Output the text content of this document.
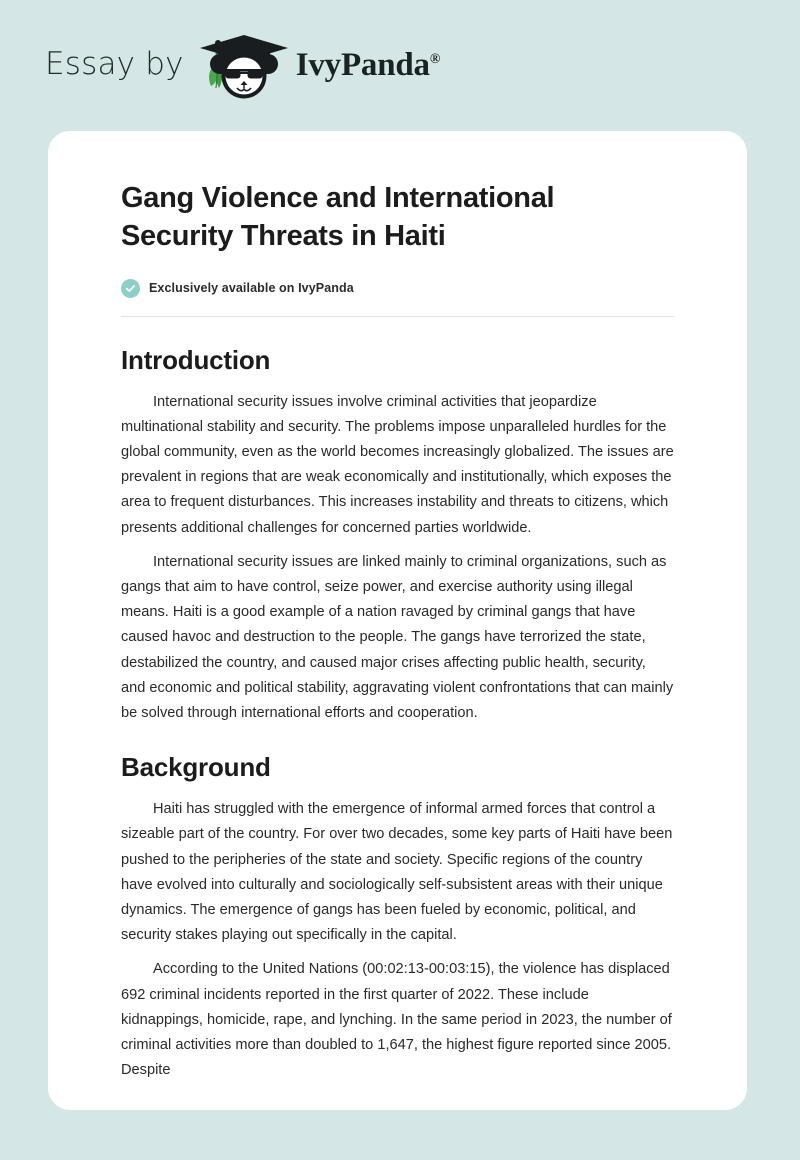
Essay by	IvyPanda®
Gang Violence and International Security Threats in Haiti
Exclusively available on IvyPanda
Introduction

International security issues involve criminal activities that jeopardize multinational stability and security. The problems impose unparalleled hurdles for the global community, even as the world becomes increasingly globalized. The issues are prevalent in regions that are weak economically and institutionally, which exposes the area to frequent disturbances. This increases instability and threats to citizens, which presents additional challenges for concerned parties worldwide.

International security issues are linked mainly to criminal organizations, such as gangs that aim to have control, seize power, and exercise authority using illegal means. Haiti is a good example of a nation ravaged by criminal gangs that have caused havoc and destruction to the people. The gangs have terrorized the state, destabilized the country, and caused major crises affecting public health, security, and economic and political stability, aggravating violent confrontations that can mainly be solved through international efforts and cooperation.

Background

Haiti has struggled with the emergence of informal armed forces that control a sizeable part of the country. For over two decades, some key parts of Haiti have been pushed to the peripheries of the state and society. Specific regions of the country have evolved into culturally and sociologically self-subsistent areas with their unique dynamics. The emergence of gangs has been fueled by economic, political, and security stakes playing out specifically in the capital.

According to the United Nations (00:02:13-00:03:15), the violence has displaced 692 criminal incidents reported in the first quarter of 2022. These include kidnappings, homicide, rape, and lynching. In the same period in 2023, the number of criminal activities more than doubled to 1,647, the highest figure reported since 2005. Despite
